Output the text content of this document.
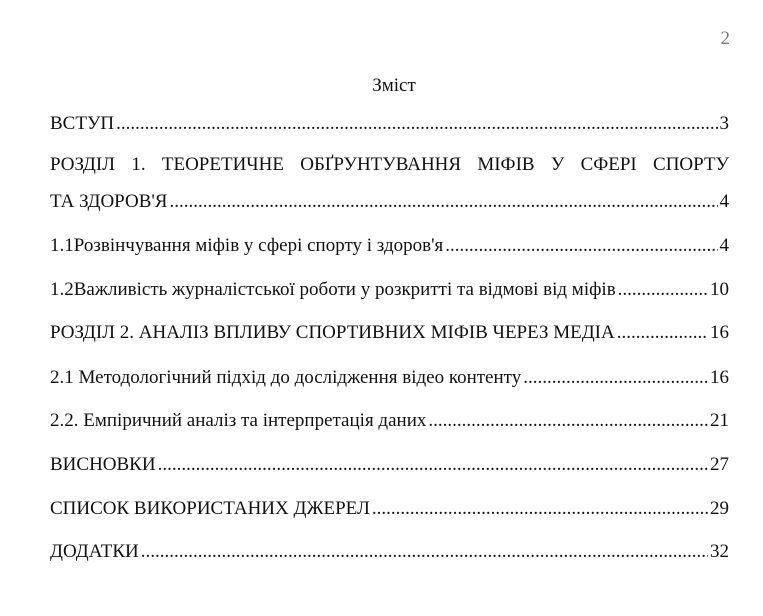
2
Зміст
ВСТУП .....	3
РОЗДІЛ 1. ТЕОРЕТИЧНЕ ОБҐРУНТУВАННЯ МІФІВ У СФЕРІ СПОРТУ
ТА ЗДОРОВ'Я .....	4
1.1Розвінчування міфів у сфері спорту і здоров'я .....	4
1.2Важливість журналістської роботи у розкритті та відмові від міфів .....	10
РОЗДІЛ 2. АНАЛІЗ ВПЛИВУ СПОРТИВНИХ МІФІВ ЧЕРЕЗ МЕДІА .....	16
2.1 Методологічний підхід до дослідження відео контенту .....	16
2.2. Емпіричний аналіз та інтерпретація даних .....	21
ВИСНОВКИ .....	27
СПИСОК ВИКОРИСТАНИХ ДЖЕРЕЛ .....	29
ДОДАТКИ .....	32
